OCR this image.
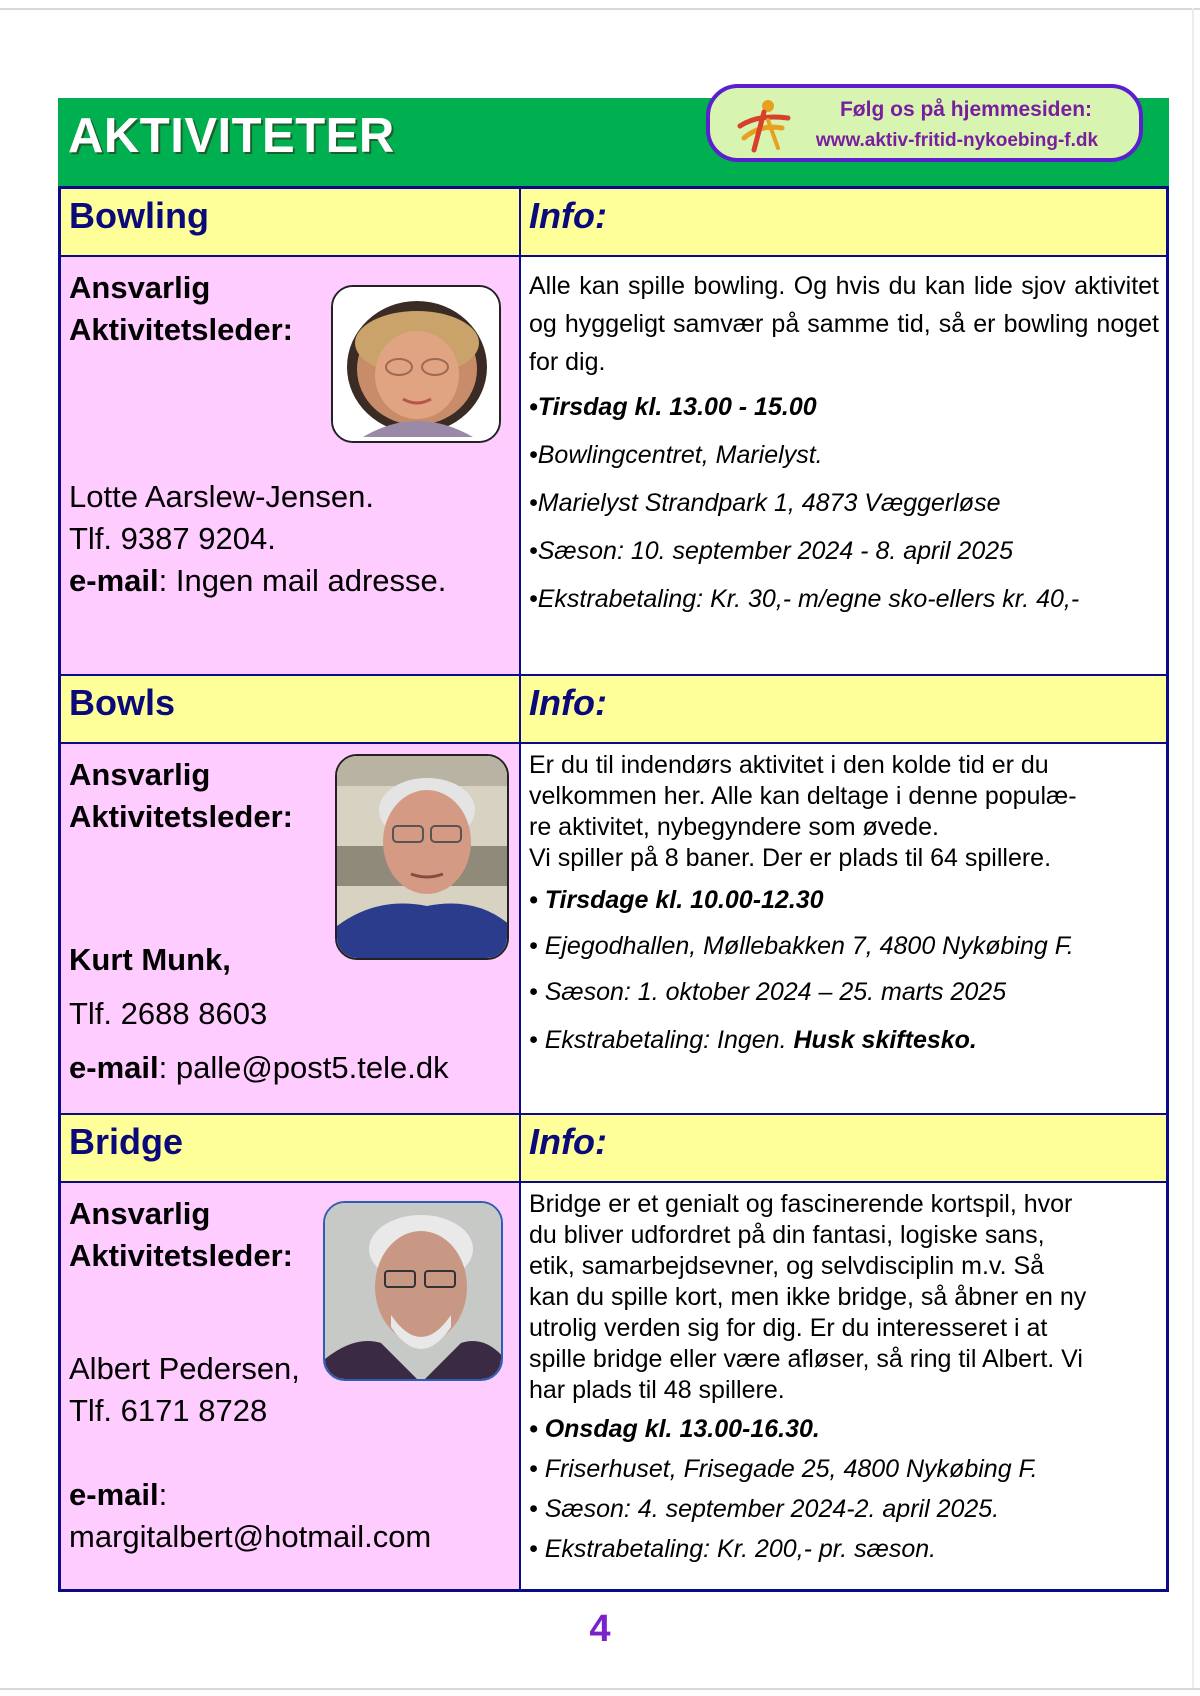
AKTIVITETER	Følg os på hjemmesiden:
www.aktiv-fritid-nykoebing-f.dk
Bowling	Info:
Ansvarlig
Aktivitetsleder:
Lotte Aarslew-Jensen.
Tlf. 9387 9204.
e-mail: Ingen mail adresse.
Alle kan spille bowling. Og hvis du kan lide sjov aktivitet og hyggeligt samvær på samme tid, så er bowling noget for dig.
•Tirsdag kl. 13.00 - 15.00
•Bowlingcentret, Marielyst.
•Marielyst Strandpark 1, 4873 Væggerløse
•Sæson: 10. september 2024 - 8. april 2025
•Ekstrabetaling: Kr. 30,- m/egne sko-ellers kr. 40,-
Bowls	Info:
Ansvarlig
Aktivitetsleder:
Kurt Munk,
Tlf. 2688 8603
e-mail: palle@post5.tele.dk
Er du til indendørs aktivitet i den kolde tid er du
velkommen her. Alle kan deltage i denne populæ-
re aktivitet, nybegyndere som øvede.
Vi spiller på 8 baner. Der er plads til 64 spillere.
• Tirsdage kl. 10.00-12.30
• Ejegodhallen, Møllebakken 7, 4800 Nykøbing F.
• Sæson: 1. oktober 2024 – 25. marts 2025
• Ekstrabetaling: Ingen. Husk skiftesko.
Bridge	Info:
Ansvarlig
Aktivitetsleder:
Albert Pedersen,
Tlf. 6171 8728
e-mail:
margitalbert@hotmail.com
Bridge er et genialt og fascinerende kortspil, hvor
du bliver udfordret på din fantasi, logiske sans,
etik, samarbejdsevner, og selvdisciplin m.v. Så
kan du spille kort, men ikke bridge, så åbner en ny
utrolig verden sig for dig. Er du interesseret i at
spille bridge eller være afløser, så ring til Albert. Vi
har plads til 48 spillere.
• Onsdag kl. 13.00-16.30.
• Friserhuset, Frisegade 25, 4800 Nykøbing F.
• Sæson: 4. september 2024-2. april 2025.
• Ekstrabetaling: Kr. 200,- pr. sæson.
4
